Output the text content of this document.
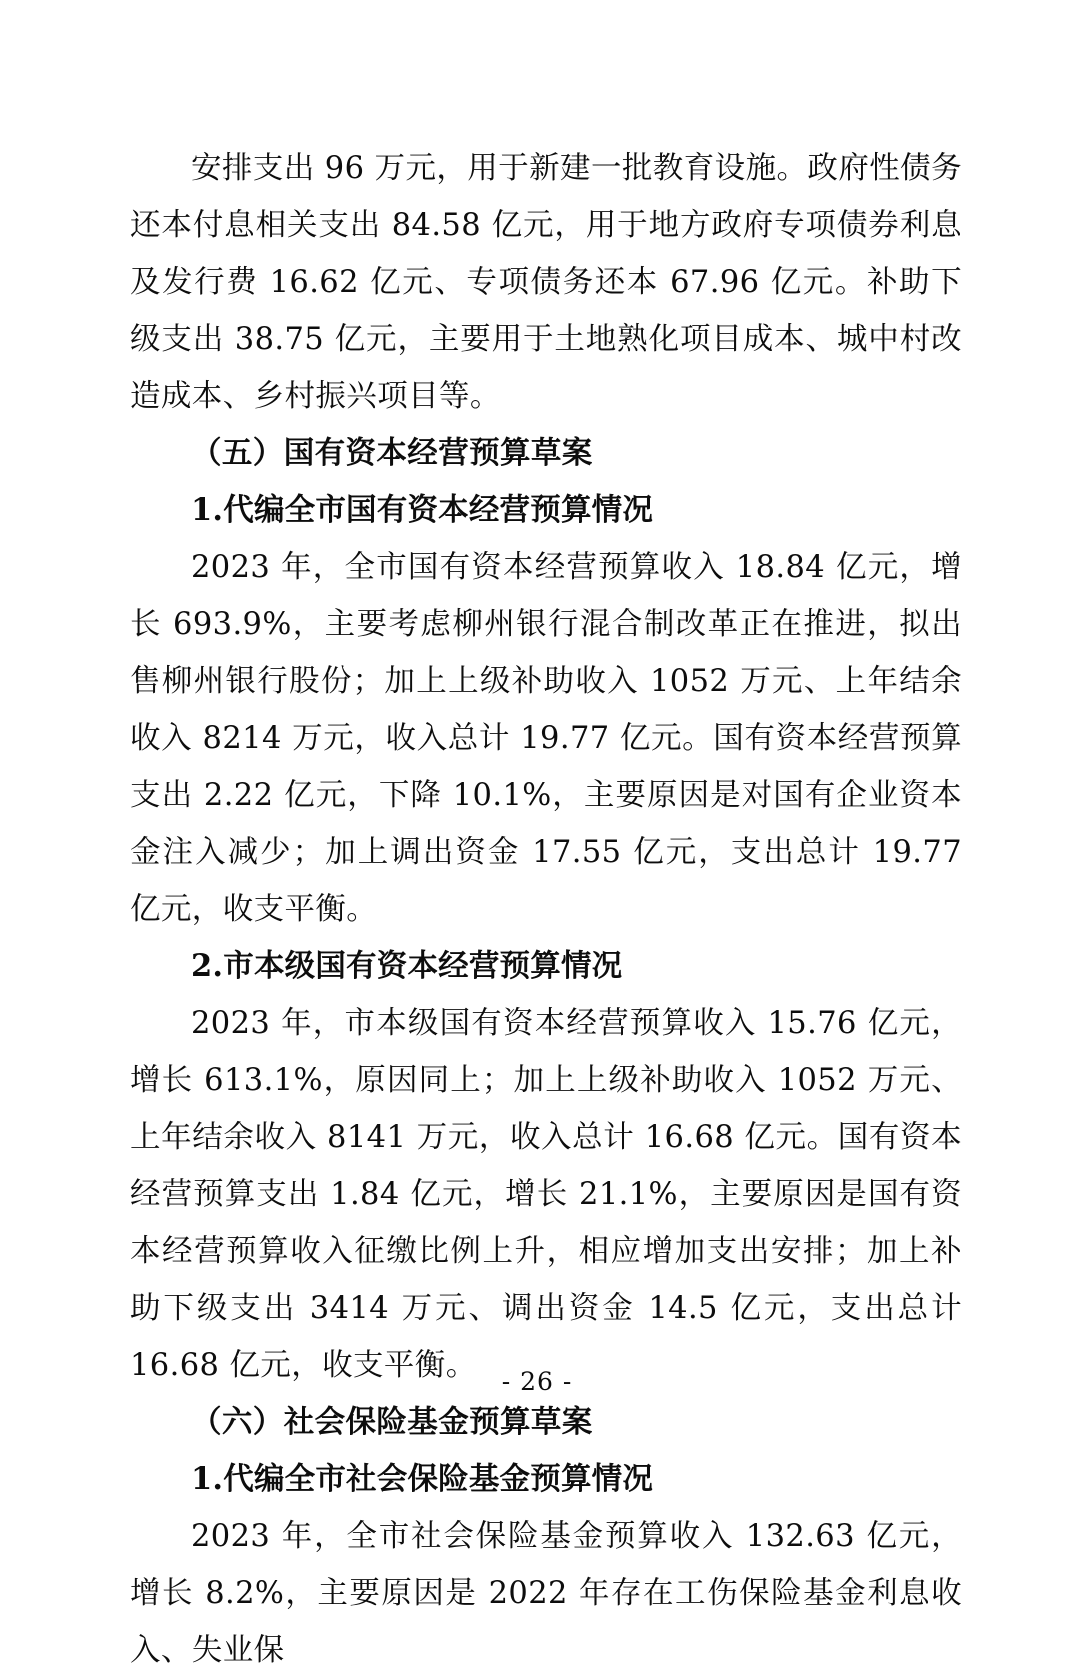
安排支出 96 万元，用于新建一批教育设施。政府性债务还本付息相关支出 84.58 亿元，用于地方政府专项债券利息及发行费 16.62 亿元、专项债务还本 67.96 亿元。补助下级支出 38.75 亿元，主要用于土地熟化项目成本、城中村改造成本、乡村振兴项目等。

（五）国有资本经营预算草案

1.代编全市国有资本经营预算情况

2023 年，全市国有资本经营预算收入 18.84 亿元，增长 693.9%，主要考虑柳州银行混合制改革正在推进，拟出售柳州银行股份；加上上级补助收入 1052 万元、上年结余收入 8214 万元，收入总计 19.77 亿元。国有资本经营预算支出 2.22 亿元，下降 10.1%，主要原因是对国有企业资本金注入减少；加上调出资金 17.55 亿元，支出总计 19.77 亿元，收支平衡。

2.市本级国有资本经营预算情况

2023 年，市本级国有资本经营预算收入 15.76 亿元，增长 613.1%，原因同上；加上上级补助收入 1052 万元、上年结余收入 8141 万元，收入总计 16.68 亿元。国有资本经营预算支出 1.84 亿元，增长 21.1%，主要原因是国有资本经营预算收入征缴比例上升，相应增加支出安排；加上补助下级支出 3414 万元、调出资金 14.5 亿元，支出总计 16.68 亿元，收支平衡。

（六）社会保险基金预算草案

1.代编全市社会保险基金预算情况

2023 年，全市社会保险基金预算收入 132.63 亿元，增长 8.2%，主要原因是 2022 年存在工伤保险基金利息收入、失业保

- 26 -
